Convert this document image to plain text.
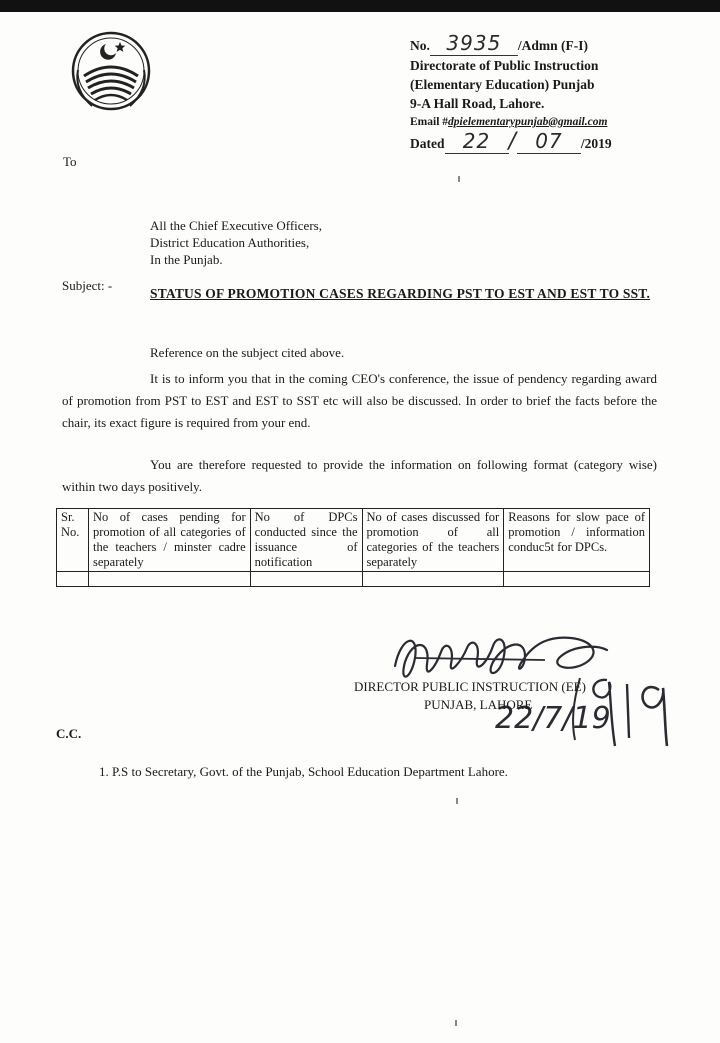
No. 3935 /Admn (F-I)
Directorate of Public Instruction
(Elementary Education) Punjab
9-A Hall Road, Lahore.
Email #dpielementarypunjab@gmail.com
Dated 22 / 07 /2019
To
All the Chief Executive Officers,
District Education Authorities,
In the Punjab.
Subject: -
STATUS OF PROMOTION CASES REGARDING PST TO EST AND EST TO SST.
Reference on the subject cited above.
It is to inform you that in the coming CEO's conference, the issue of pendency regarding award of promotion from PST to EST and EST to SST etc will also be discussed. In order to brief the facts before the chair, its exact figure is required from your end.
You are therefore requested to provide the information on following format (category wise) within two days positively.
Sr. No.	No of cases pending for promotion of all categories of the teachers / minster cadre separately	No of DPCs conducted since the issuance of notification	No of cases discussed for promotion of all categories of the teachers separately	Reasons for slow pace of promotion / information conduc5t for DPCs.

22/7/19
DIRECTOR PUBLIC INSTRUCTION (EE)
PUNJAB, LAHORE
C.C.
1. P.S to Secretary, Govt. of the Punjab, School Education Department Lahore.
